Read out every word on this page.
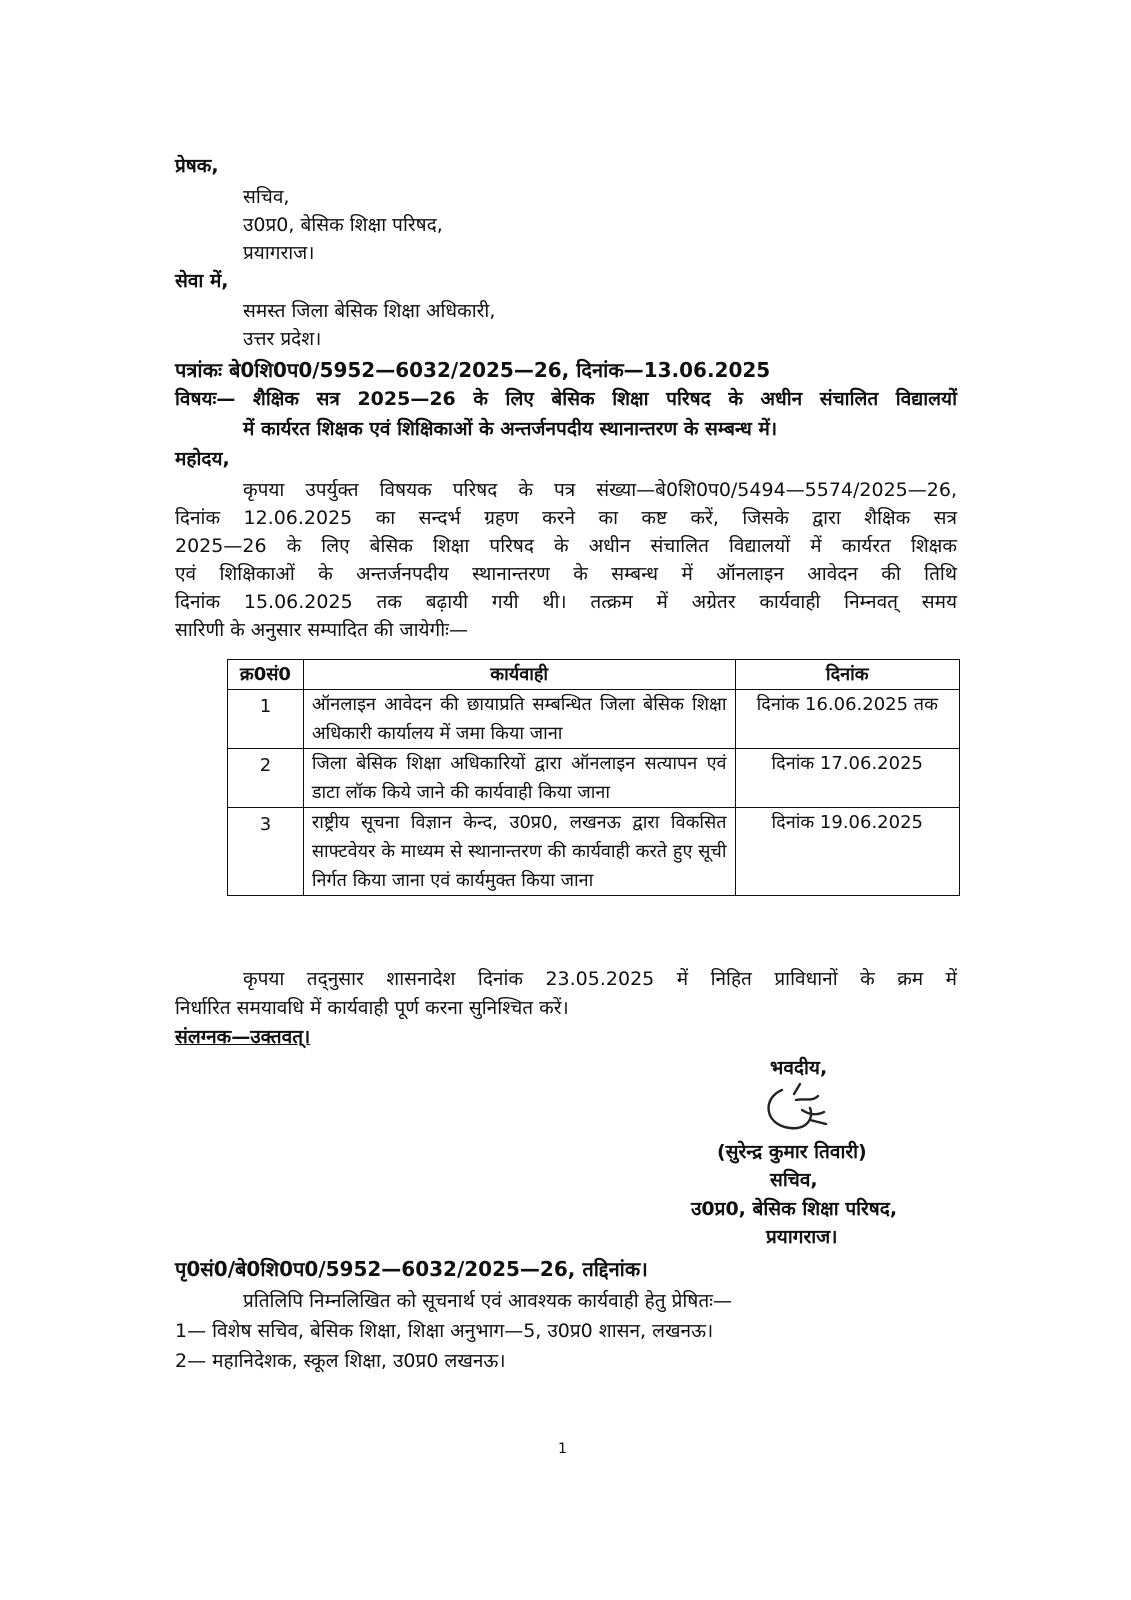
प्रेषक,
सचिव,
उ0प्र0, बेसिक शिक्षा परिषद,
प्रयागराज।
सेवा में,
समस्त जिला बेसिक शिक्षा अधिकारी,
उत्तर प्रदेश।
पत्रांकः बे0शि0प0/5952—6032/2025—26, दिनांक—13.06.2025
विषयः— शैक्षिक सत्र 2025—26 के लिए बेसिक शिक्षा परिषद के अधीन संचालित विद्यालयों
में कार्यरत शिक्षक एवं शिक्षिकाओं के अन्तर्जनपदीय स्थानान्तरण के सम्बन्ध में।
महोदय,
कृपया उपर्युक्त विषयक परिषद के पत्र संख्या—बे0शि0प0/5494—5574/2025—26,
दिनांक 12.06.2025 का सन्दर्भ ग्रहण करने का कष्ट करें, जिसके द्वारा शैक्षिक सत्र
2025—26 के लिए बेसिक शिक्षा परिषद के अधीन संचालित विद्यालयों में कार्यरत शिक्षक
एवं शिक्षिकाओं के अन्तर्जनपदीय स्थानान्तरण के सम्बन्ध में ऑनलाइन आवेदन की तिथि
दिनांक 15.06.2025 तक बढ़ायी गयी थी। तत्क्रम में अग्रेतर कार्यवाही निम्नवत् समय
सारिणी के अनुसार सम्पादित की जायेगीः—
क्र0सं0	कार्यवाही	दिनांक
1	ऑनलाइन आवेदन की छायाप्रति सम्बन्धित जिला बेसिक शिक्षा अधिकारी कार्यालय में जमा किया जाना	दिनांक 16.06.2025 तक
2	जिला बेसिक शिक्षा अधिकारियों द्वारा ऑनलाइन सत्यापन एवं डाटा लॉक किये जाने की कार्यवाही किया जाना	दिनांक 17.06.2025
3	राष्ट्रीय सूचना विज्ञान केन्द, उ0प्र0, लखनऊ द्वारा विकसित साफ्टवेयर के माध्यम से स्थानान्तरण की कार्यवाही करते हुए सूची निर्गत किया जाना एवं कार्यमुक्त किया जाना	दिनांक 19.06.2025
कृपया तद्नुसार शासनादेश दिनांक 23.05.2025 में निहित प्राविधानों के क्रम में
निर्धारित समयावधि में कार्यवाही पूर्ण करना सुनिश्चित करें।
संलग्नक—उक्तवत्।
भवदीय,
(सुरेन्द्र कुमार तिवारी)
सचिव,
उ0प्र0, बेसिक शिक्षा परिषद,
प्रयागराज।
पृ0सं0/बे0शि0प0/5952—6032/2025—26, तद्दिनांक।
प्रतिलिपि निम्नलिखित को सूचनार्थ एवं आवश्यक कार्यवाही हेतु प्रेषितः—
1— विशेष सचिव, बेसिक शिक्षा, शिक्षा अनुभाग—5, उ0प्र0 शासन, लखनऊ।
2— महानिदेशक, स्कूल शिक्षा, उ0प्र0 लखनऊ।
1
